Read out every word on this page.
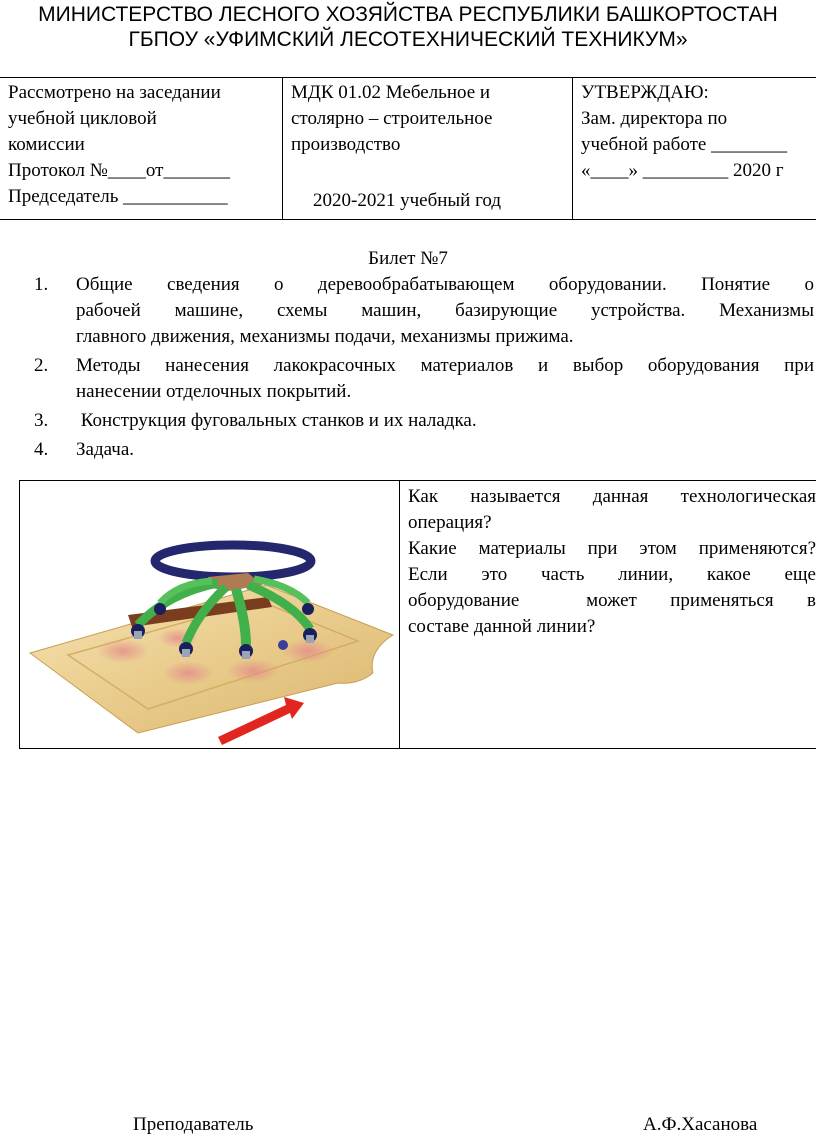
МИНИСТЕРСТВО ЛЕСНОГО ХОЗЯЙСТВА РЕСПУБЛИКИ БАШКОРТОСТАН
ГБПОУ «УФИМСКИЙ ЛЕСОТЕХНИЧЕСКИЙ ТЕХНИКУМ»
Рассмотрено на заседании
учебной цикловой
комиссии
Протокол №____от_______
Председатель ___________
МДК 01.02 Мебельное и
столярно – строительное
производство
2020-2021 учебный год
УТВЕРЖДАЮ:
Зам. директора по
учебной работе ________
«____» _________ 2020 г
Билет №7
1. Общие сведения о деревообрабатывающем оборудовании. Понятие о
рабочей машине, схемы машин, базирующие устройства. Механизмы
главного движения, механизмы подачи, механизмы прижима.
2. Методы нанесения лакокрасочных материалов и выбор оборудования при
нанесении отделочных покрытий.
3. Конструкция фуговальных станков и их наладка.
4. Задача.
Как называется данная технологическая
операция?
Какие материалы при этом применяются?
Если это часть линии, какое еще
оборудование  может применяться в
составе данной линии?
Преподаватель	А.Ф.Хасанова
